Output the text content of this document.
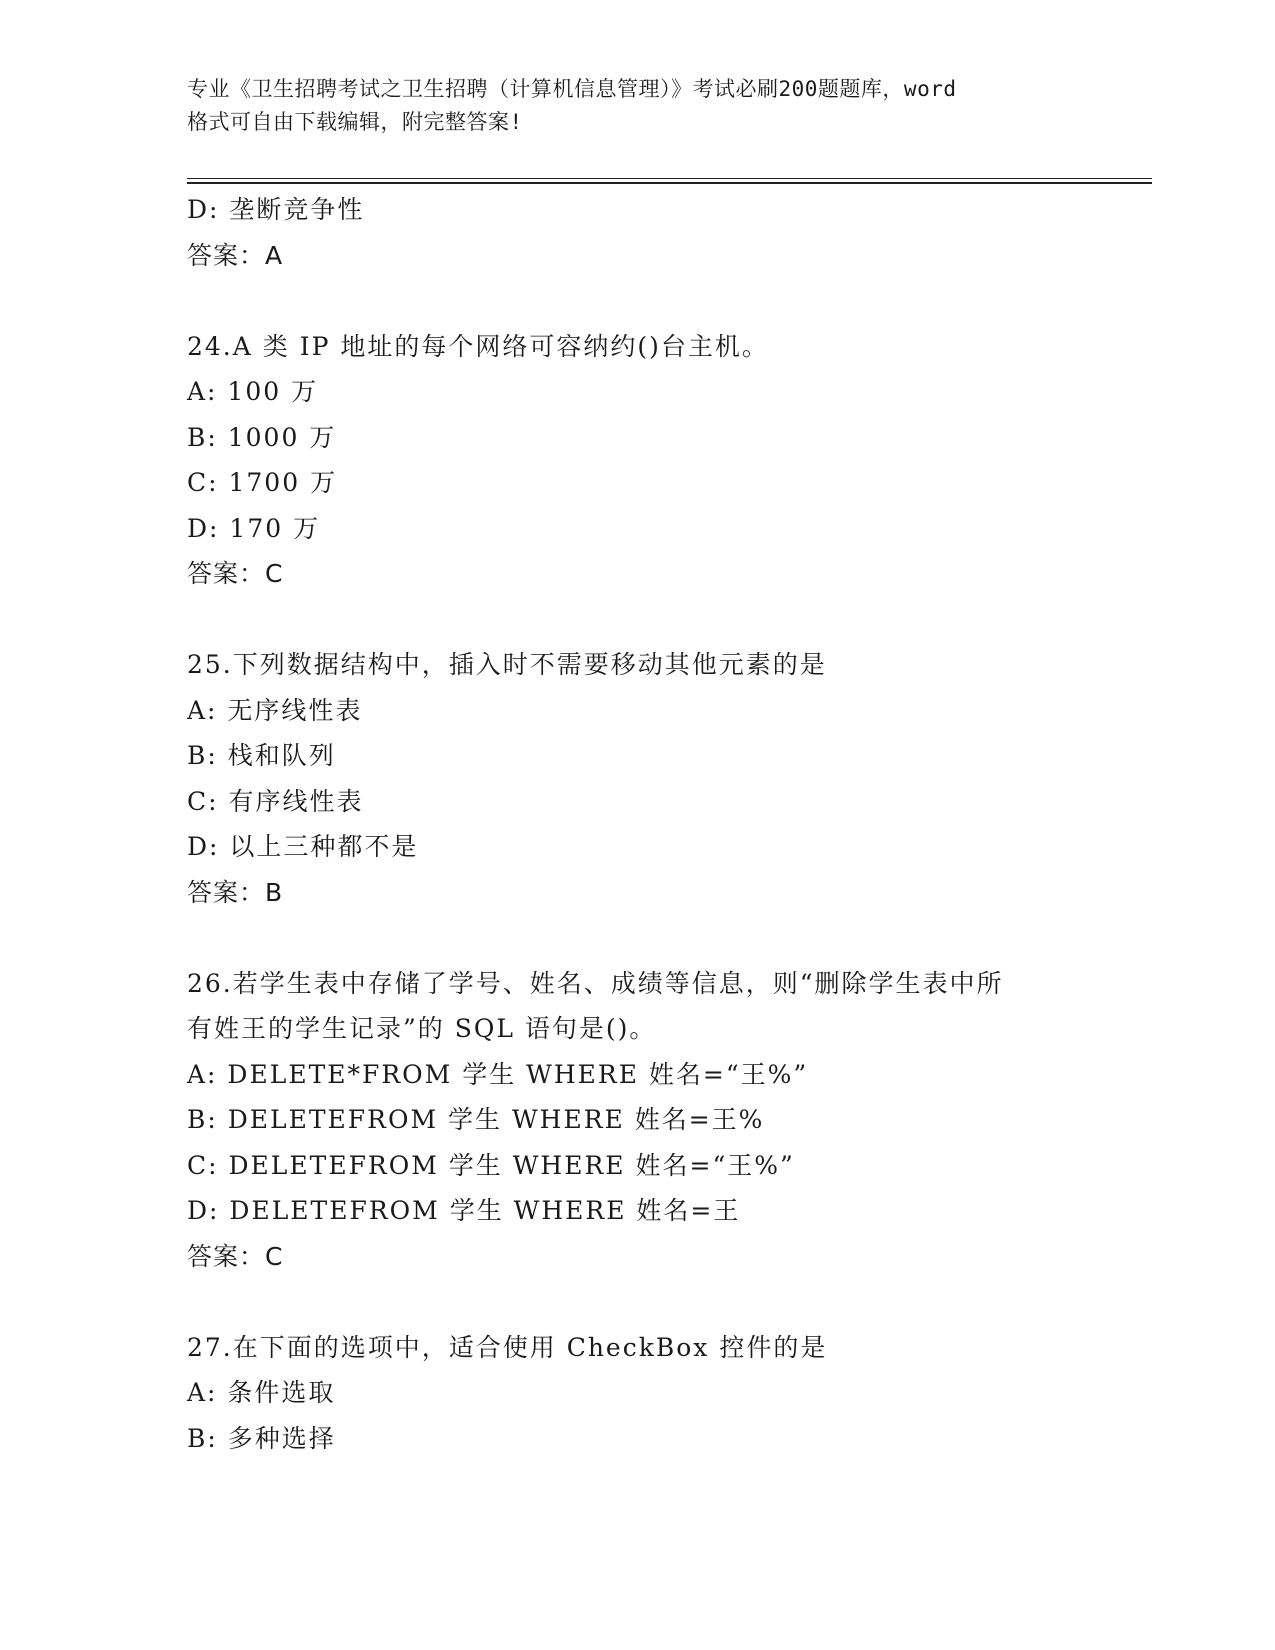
专业《卫生招聘考试之卫生招聘（计算机信息管理）》考试必刷200题题库，word
格式可自由下载编辑，附完整答案!
D: 垄断竞争性
答案：A
24.A 类 IP 地址的每个网络可容纳约()台主机。
A: 100 万
B: 1000 万
C: 1700 万
D: 170 万
答案：C
25.下列数据结构中，插入时不需要移动其他元素的是
A: 无序线性表
B: 栈和队列
C: 有序线性表
D: 以上三种都不是
答案：B
26.若学生表中存储了学号、姓名、成绩等信息，则“删除学生表中所
有姓王的学生记录”的 SQL 语句是()。
A: DELETE*FROM 学生 WHERE 姓名=“王%”
B: DELETEFROM 学生 WHERE 姓名=王%
C: DELETEFROM 学生 WHERE 姓名=“王%”
D: DELETEFROM 学生 WHERE 姓名=王
答案：C
27.在下面的选项中，适合使用 CheckBox 控件的是
A: 条件选取
B: 多种选择
